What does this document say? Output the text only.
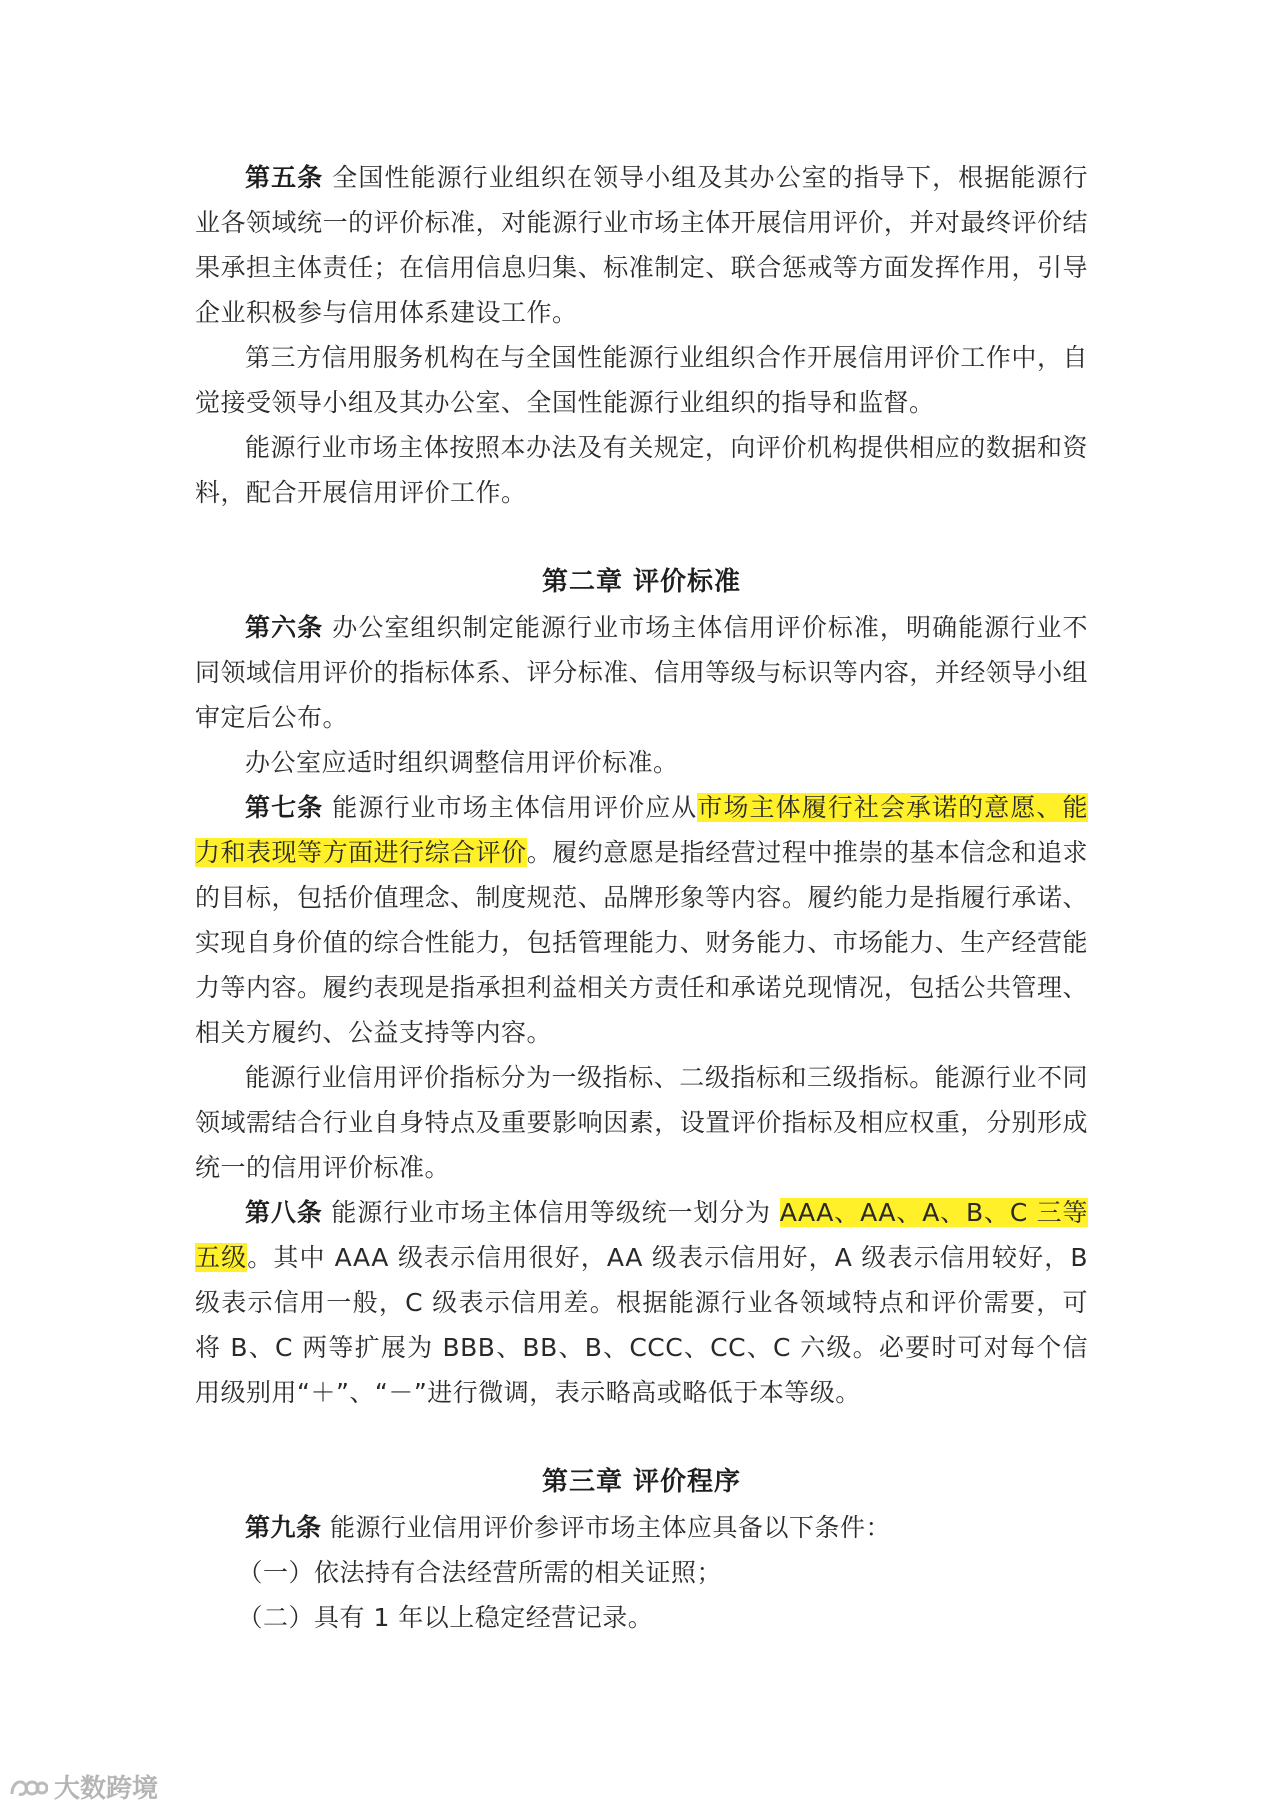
第五条 全国性能源行业组织在领导小组及其办公室的指导下，根据能源行业各领域统一的评价标准，对能源行业市场主体开展信用评价，并对最终评价结果承担主体责任；在信用信息归集、标准制定、联合惩戒等方面发挥作用，引导企业积极参与信用体系建设工作。

第三方信用服务机构在与全国性能源行业组织合作开展信用评价工作中，自觉接受领导小组及其办公室、全国性能源行业组织的指导和监督。

能源行业市场主体按照本办法及有关规定，向评价机构提供相应的数据和资料，配合开展信用评价工作。

第二章 评价标准

第六条 办公室组织制定能源行业市场主体信用评价标准，明确能源行业不同领域信用评价的指标体系、评分标准、信用等级与标识等内容，并经领导小组审定后公布。

办公室应适时组织调整信用评价标准。

第七条 能源行业市场主体信用评价应从市场主体履行社会承诺的意愿、能力和表现等方面进行综合评价。履约意愿是指经营过程中推崇的基本信念和追求的目标，包括价值理念、制度规范、品牌形象等内容。履约能力是指履行承诺、实现自身价值的综合性能力，包括管理能力、财务能力、市场能力、生产经营能力等内容。履约表现是指承担利益相关方责任和承诺兑现情况，包括公共管理、相关方履约、公益支持等内容。

能源行业信用评价指标分为一级指标、二级指标和三级指标。能源行业不同领域需结合行业自身特点及重要影响因素，设置评价指标及相应权重，分别形成统一的信用评价标准。

第八条 能源行业市场主体信用等级统一划分为 AAA、AA、A、B、C 三等五级。其中 AAA 级表示信用很好，AA 级表示信用好，A 级表示信用较好，B 级表示信用一般，C 级表示信用差。根据能源行业各领域特点和评价需要，可将 B、C 两等扩展为 BBB、BB、B、CCC、CC、C 六级。必要时可对每个信用级别用“＋”、“－”进行微调，表示略高或略低于本等级。

第三章 评价程序

第九条 能源行业信用评价参评市场主体应具备以下条件：

（一）依法持有合法经营所需的相关证照；

（二）具有 1 年以上稳定经营记录。

大数跨境
